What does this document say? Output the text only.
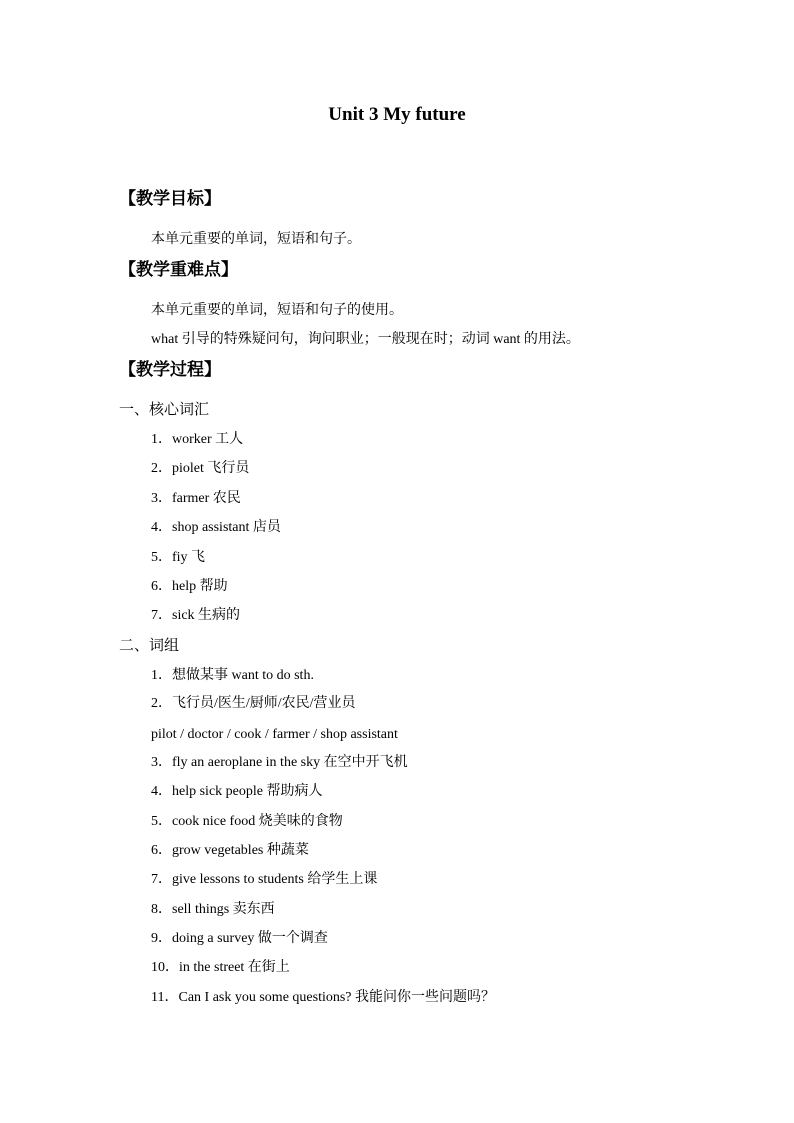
Unit 3 My future
【教学目标】
本单元重要的单词，短语和句子。
【教学重难点】
本单元重要的单词，短语和句子的使用。
what 引导的特殊疑问句，询问职业；一般现在时；动词 want 的用法。
【教学过程】
一、核心词汇
1．worker 工人
2．piolet 飞行员
3．farmer 农民
4．shop assistant 店员
5．fiy 飞
6．help 帮助
7．sick 生病的
二、词组
1．想做某事 want to do sth.
2．飞行员/医生/厨师/农民/营业员
pilot / doctor / cook / farmer / shop assistant
3．fly an aeroplane in the sky 在空中开飞机
4．help sick people 帮助病人
5．cook nice food 烧美味的食物
6．grow vegetables 种蔬菜
7．give lessons to students 给学生上课
8．sell things 卖东西
9．doing a survey 做一个调查
10．in the street 在街上
11．Can I ask you some questions? 我能问你一些问题吗？
